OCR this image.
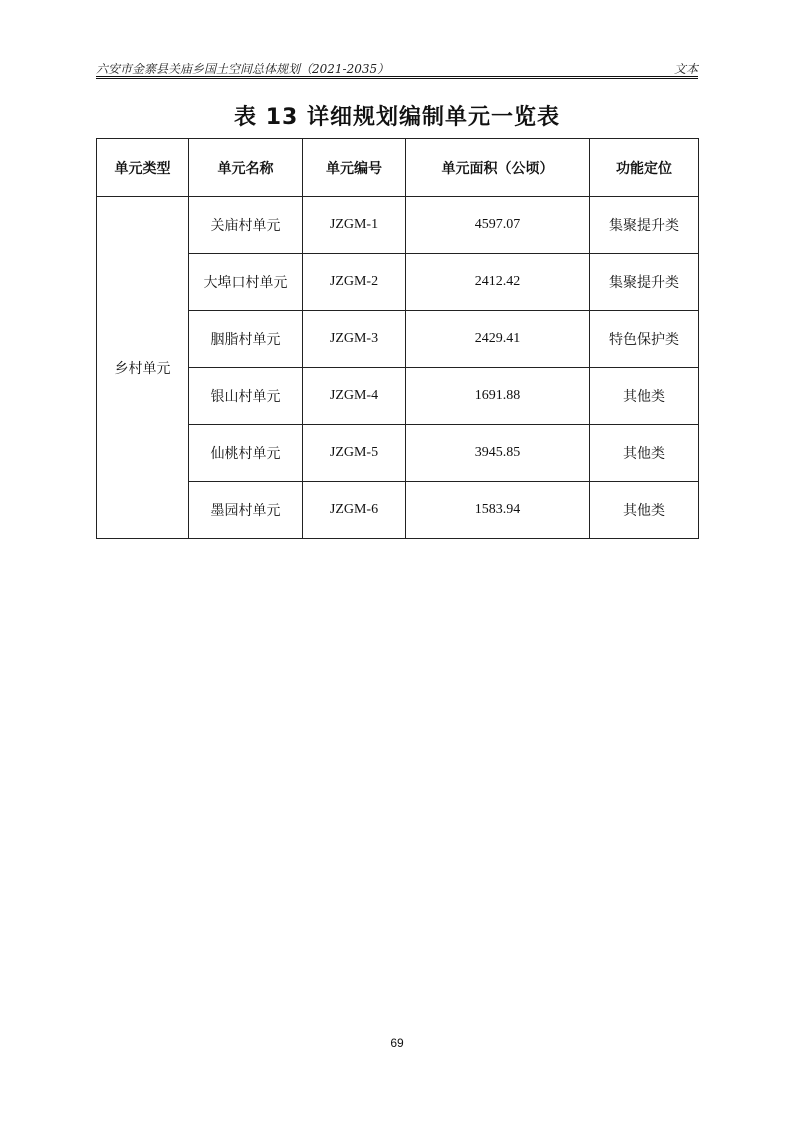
六安市金寨县关庙乡国土空间总体规划（2021-2035）	文本
表 13 详细规划编制单元一览表
单元类型	单元名称	单元编号	单元面积（公顷）	功能定位
乡村单元	关庙村单元	JZGM-1	4597.07	集聚提升类
	大埠口村单元	JZGM-2	2412.42	集聚提升类
	胭脂村单元	JZGM-3	2429.41	特色保护类
	银山村单元	JZGM-4	1691.88	其他类
	仙桃村单元	JZGM-5	3945.85	其他类
	墨园村单元	JZGM-6	1583.94	其他类
69
